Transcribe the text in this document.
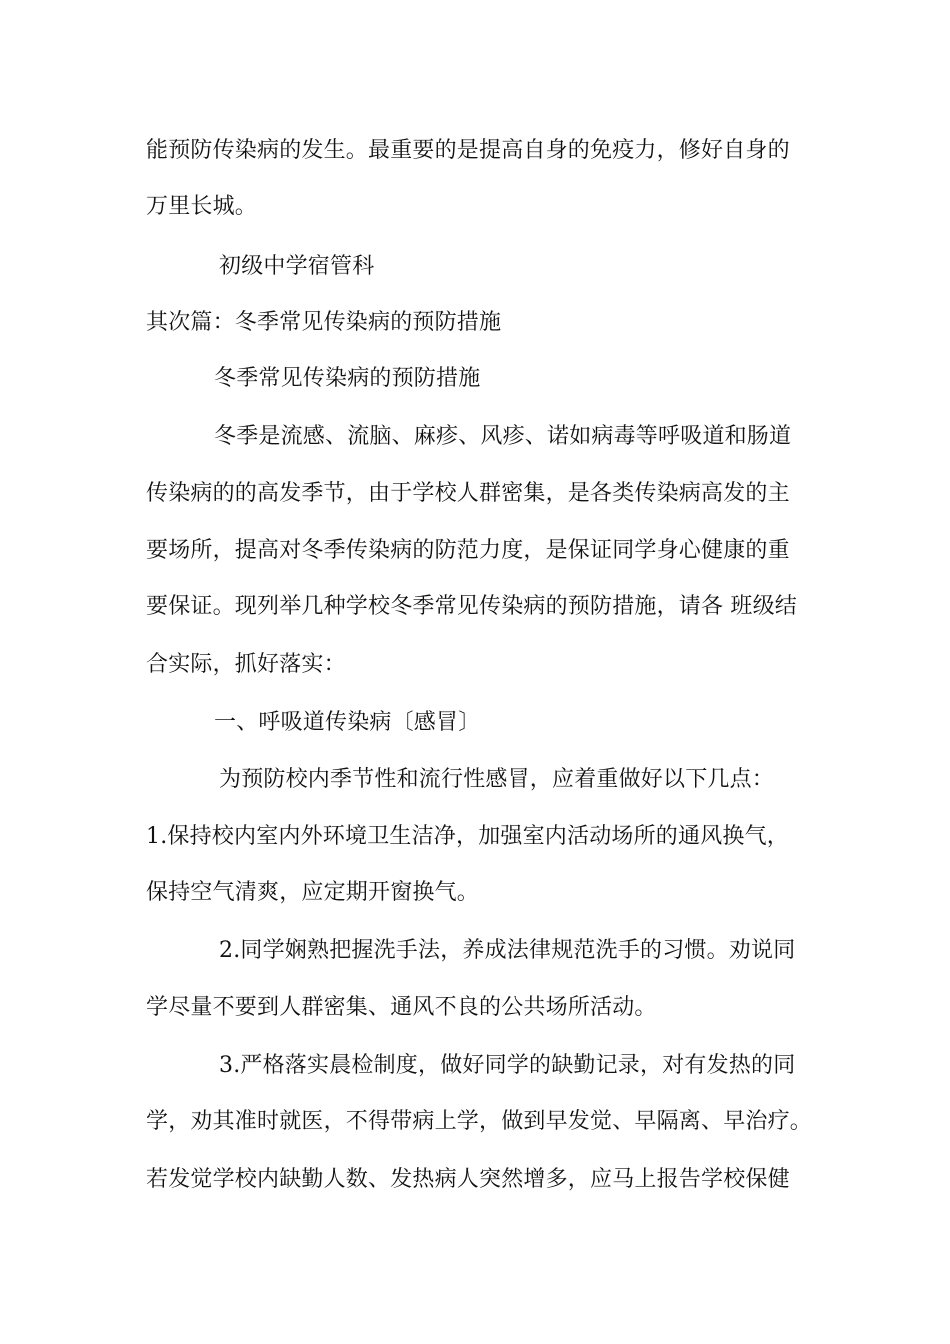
能预防传染病的发生。最重要的是提高自身的免疫力，修好自身的
万里长城。
初级中学宿管科
其次篇：冬季常见传染病的预防措施
冬季常见传染病的预防措施
冬季是流感、流脑、麻疹、风疹、诺如病毒等呼吸道和肠道
传染病的的高发季节，由于学校人群密集，是各类传染病高发的主
要场所，提高对冬季传染病的防范力度，是保证同学身心健康的重
要保证。现列举几种学校冬季常见传染病的预防措施，请各 班级结
合实际，抓好落实：
一、呼吸道传染病〔感冒〕
为预防校内季节性和流行性感冒，应着重做好以下几点：
1.保持校内室内外环境卫生洁净，加强室内活动场所的通风换气，
保持空气清爽，应定期开窗换气。
2.同学娴熟把握洗手法，养成法律规范洗手的习惯。劝说同
学尽量不要到人群密集、通风不良的公共场所活动。
3.严格落实晨检制度，做好同学的缺勤记录，对有发热的同
学，劝其准时就医，不得带病上学，做到早发觉、早隔离、早治疗。
若发觉学校内缺勤人数、发热病人突然增多，应马上报告学校保健
